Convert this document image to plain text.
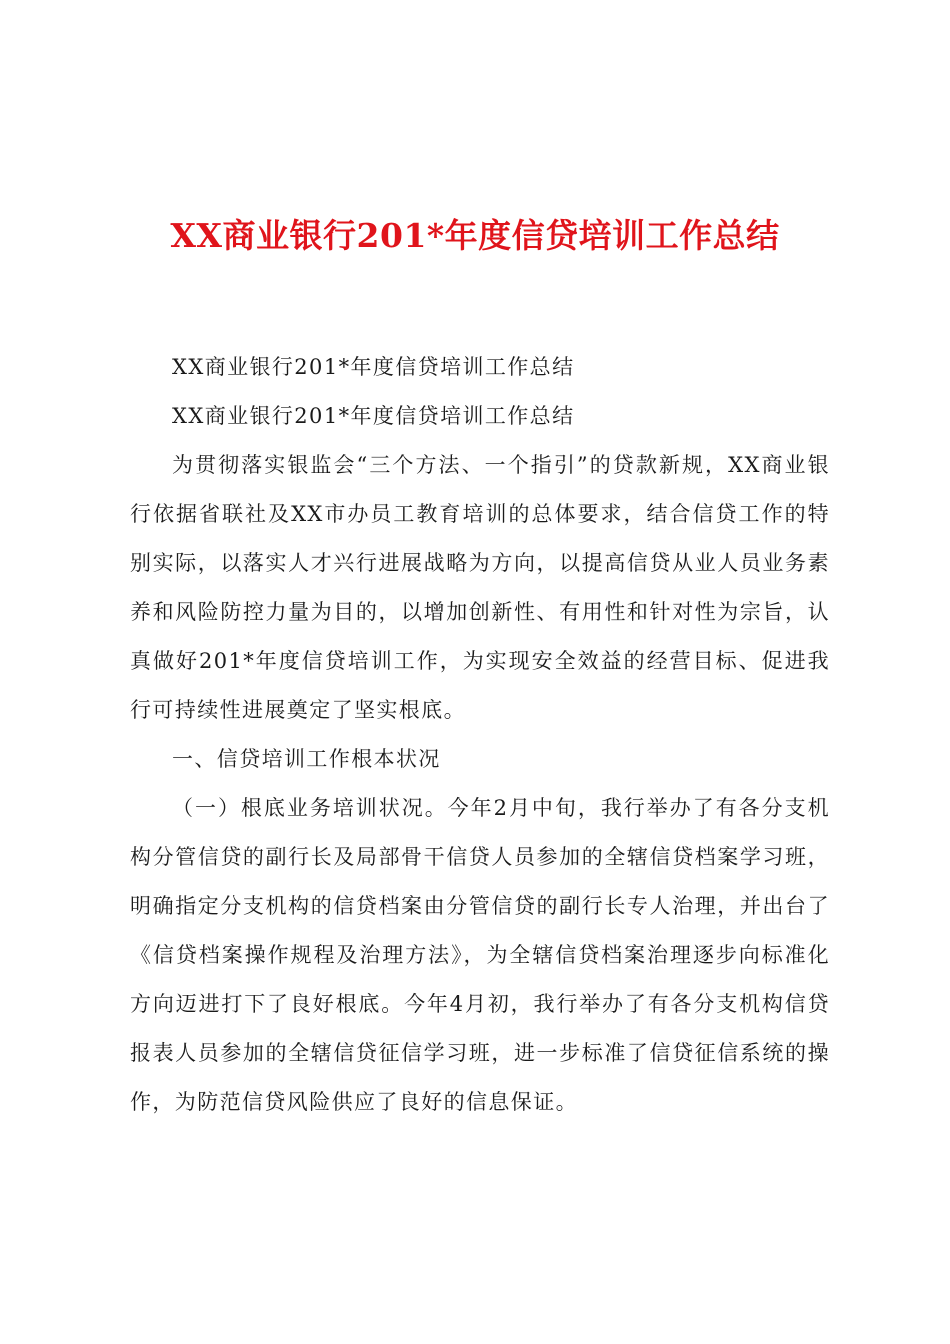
XX商业银行201*年度信贷培训工作总结

XX商业银行201*年度信贷培训工作总结

XX商业银行201*年度信贷培训工作总结

为贯彻落实银监会“三个方法、一个指引”的贷款新规，XX商业银行依据省联社及XX市办员工教育培训的总体要求，结合信贷工作的特别实际，以落实人才兴行进展战略为方向，以提高信贷从业人员业务素养和风险防控力量为目的，以增加创新性、有用性和针对性为宗旨，认真做好201*年度信贷培训工作，为实现安全效益的经营目标、促进我行可持续性进展奠定了坚实根底。

一、信贷培训工作根本状况

（一）根底业务培训状况。今年2月中旬，我行举办了有各分支机构分管信贷的副行长及局部骨干信贷人员参加的全辖信贷档案学习班，明确指定分支机构的信贷档案由分管信贷的副行长专人治理，并出台了《信贷档案操作规程及治理方法》，为全辖信贷档案治理逐步向标准化方向迈进打下了良好根底。今年4月初，我行举办了有各分支机构信贷报表人员参加的全辖信贷征信学习班，进一步标准了信贷征信系统的操作，为防范信贷风险供应了良好的信息保证。
